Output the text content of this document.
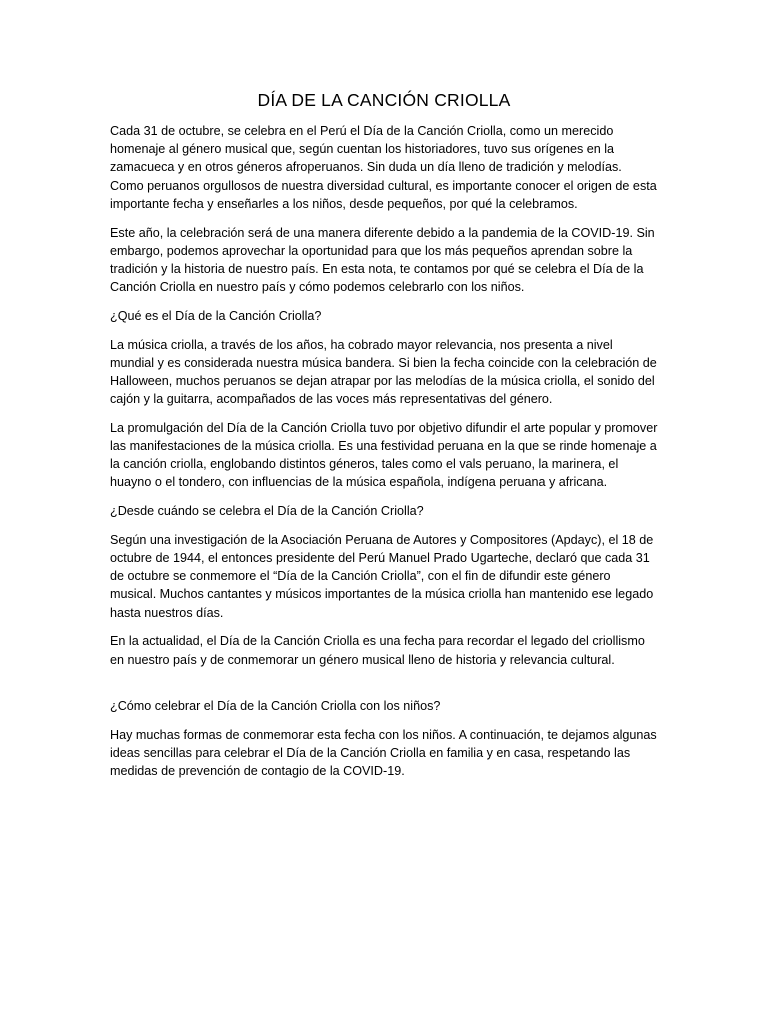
DÍA DE LA CANCIÓN CRIOLLA

Cada 31 de octubre, se celebra en el Perú el Día de la Canción Criolla, como un merecido homenaje al género musical que, según cuentan los historiadores, tuvo sus orígenes en la zamacueca y en otros géneros afroperuanos. Sin duda un día lleno de tradición y melodías. Como peruanos orgullosos de nuestra diversidad cultural, es importante conocer el origen de esta importante fecha y enseñarles a los niños, desde pequeños, por qué la celebramos.

Este año, la celebración será de una manera diferente debido a la pandemia de la COVID-19. Sin embargo, podemos aprovechar la oportunidad para que los más pequeños aprendan sobre la tradición y la historia de nuestro país. En esta nota, te contamos por qué se celebra el Día de la Canción Criolla en nuestro país y cómo podemos celebrarlo con los niños.

¿Qué es el Día de la Canción Criolla?

La música criolla, a través de los años, ha cobrado mayor relevancia, nos presenta a nivel mundial y es considerada nuestra música bandera. Si bien la fecha coincide con la celebración de Halloween, muchos peruanos se dejan atrapar por las melodías de la música criolla, el sonido del cajón y la guitarra, acompañados de las voces más representativas del género.

La promulgación del Día de la Canción Criolla tuvo por objetivo difundir el arte popular y promover las manifestaciones de la música criolla. Es una festividad peruana en la que se rinde homenaje a la canción criolla, englobando distintos géneros, tales como el vals peruano, la marinera, el huayno o el tondero, con influencias de la música española, indígena peruana y africana.

¿Desde cuándo se celebra el Día de la Canción Criolla?

Según una investigación de la Asociación Peruana de Autores y Compositores (Apdayc), el 18 de octubre de 1944, el entonces presidente del Perú Manuel Prado Ugarteche, declaró que cada 31 de octubre se conmemore el “Día de la Canción Criolla”, con el fin de difundir este género musical. Muchos cantantes y músicos importantes de la música criolla han mantenido ese legado hasta nuestros días.

En la actualidad, el Día de la Canción Criolla es una fecha para recordar el legado del criollismo en nuestro país y de conmemorar un género musical lleno de historia y relevancia cultural.

¿Cómo celebrar el Día de la Canción Criolla con los niños?

Hay muchas formas de conmemorar esta fecha con los niños. A continuación, te dejamos algunas ideas sencillas para celebrar el Día de la Canción Criolla en familia y en casa, respetando las medidas de prevención de contagio de la COVID-19.
